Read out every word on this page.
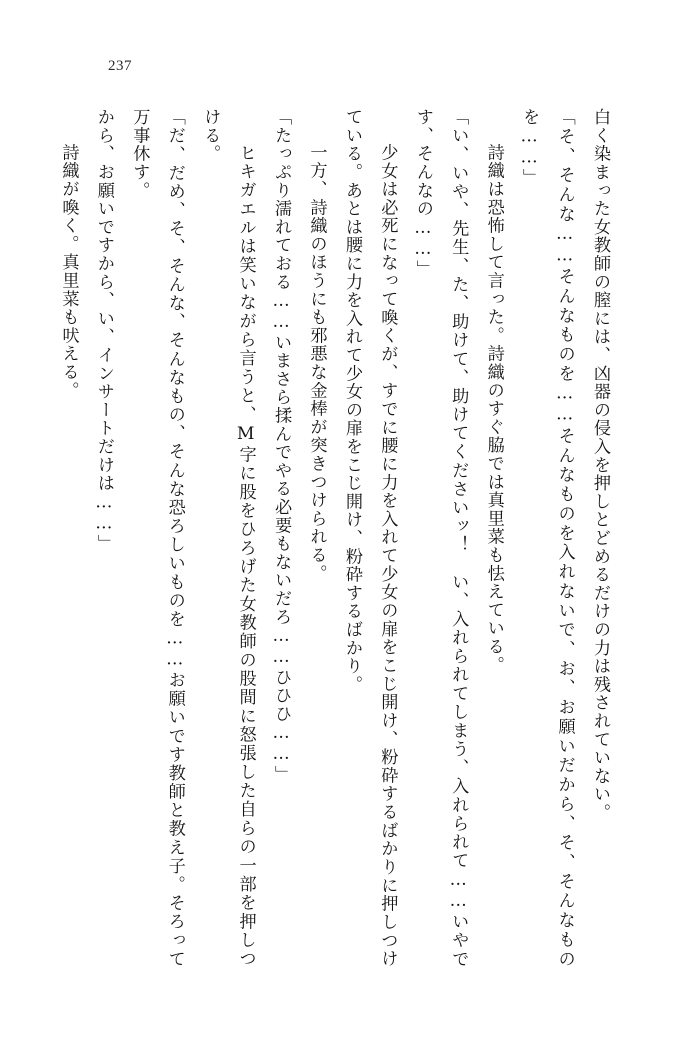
237

白く染まった女教師の膣には、凶器の侵入を押しとどめるだけの力は残されていない。

「そ、そんな……そんなものを……そんなものを入れないで、お、お願いだから、そ、そんなものを……」

　詩織は恐怖して言った。詩織のすぐ脇では真里菜も怯えている。

「い、いや、先生、た、助けて、助けてくださいッ！　い、入れられてしまう、入れられて……いやです、そんなの……」

　少女は必死になって喚くが、すでに腰に力を入れて少女の扉をこじ開け、粉砕するばかりに押しつけている。あとは腰に力を入れて少女の扉をこじ開け、粉砕するばかり。

　一方、詩織のほうにも邪悪な金棒が突きつけられる。

「たっぷり濡れておる……いまさら揉んでやる必要もないだろ……ひひひ……」

　ヒキガエルは笑いながら言うと、M字に股をひろげた女教師の股間に怒張した自らの一部を押しつける。

「だ、だめ、そ、そんな、そんなもの、そんな恐ろしいものを……お願いです教師と教え子。そろって万事休す。

から、お願いですから、い、インサートだけは……」

　詩織が喚く。真里菜も吠える。
